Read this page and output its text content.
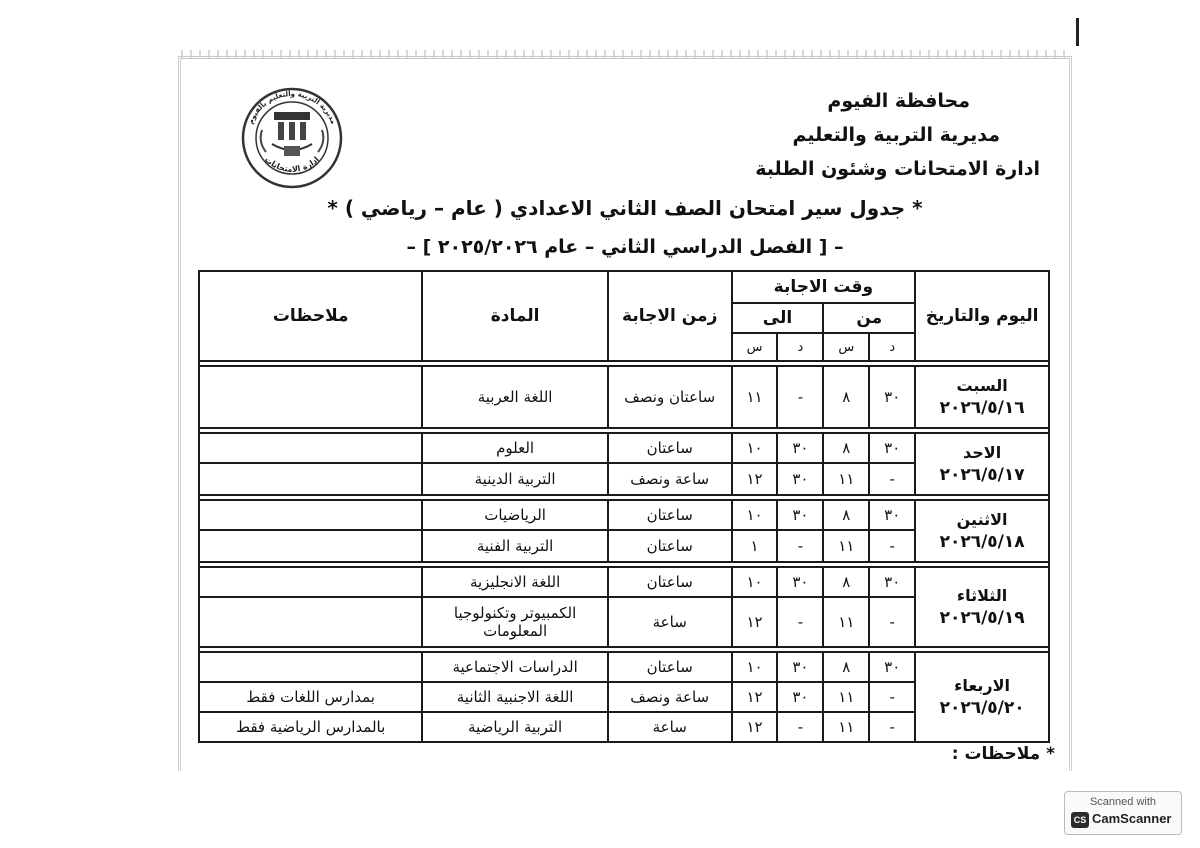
محافظة الفيوم
مديرية التربية والتعليم
ادارة الامتحانات وشئون الطلبة
مديرية التربية والتعليم بالفيوم
ادارة الامتحانات
* جدول سير امتحان الصف الثاني الاعدادي ( عام – رياضي ) *
– [ الفصل الدراسي الثاني – عام ٢٠٢٥/٢٠٢٦ ] –
اليوم والتاريخ	وقت الاجابة				زمن الاجابة	المادة	ملاحظات
	من		الى				
	د	س	د	س			

السبت
٢٠٢٦/٥/١٦	٣٠	٨	-	١١	ساعتان ونصف	اللغة العربية	

الاحد
٢٠٢٦/٥/١٧	٣٠	٨	٣٠	١٠	ساعتان	العلوم	
	-	١١	٣٠	١٢	ساعة ونصف	التربية الدينية	

الاثنين
٢٠٢٦/٥/١٨	٣٠	٨	٣٠	١٠	ساعتان	الرياضيات	
	-	١١	-	١	ساعتان	التربية الفنية	

الثلاثاء
٢٠٢٦/٥/١٩	٣٠	٨	٣٠	١٠	ساعتان	اللغة الانجليزية	
	-	١١	-	١٢	ساعة	الكمبيوتر وتكنولوجيا المعلومات	

الاربعاء
٢٠٢٦/٥/٢٠	٣٠	٨	٣٠	١٠	ساعتان	الدراسات الاجتماعية	
	-	١١	٣٠	١٢	ساعة ونصف	اللغة الاجنبية الثانية	بمدارس اللغات فقط
	-	١١	-	١٢	ساعة	التربية الرياضية	بالمدارس الرياضية فقط
* ملاحظات :
Scanned with
CS CamScanner
